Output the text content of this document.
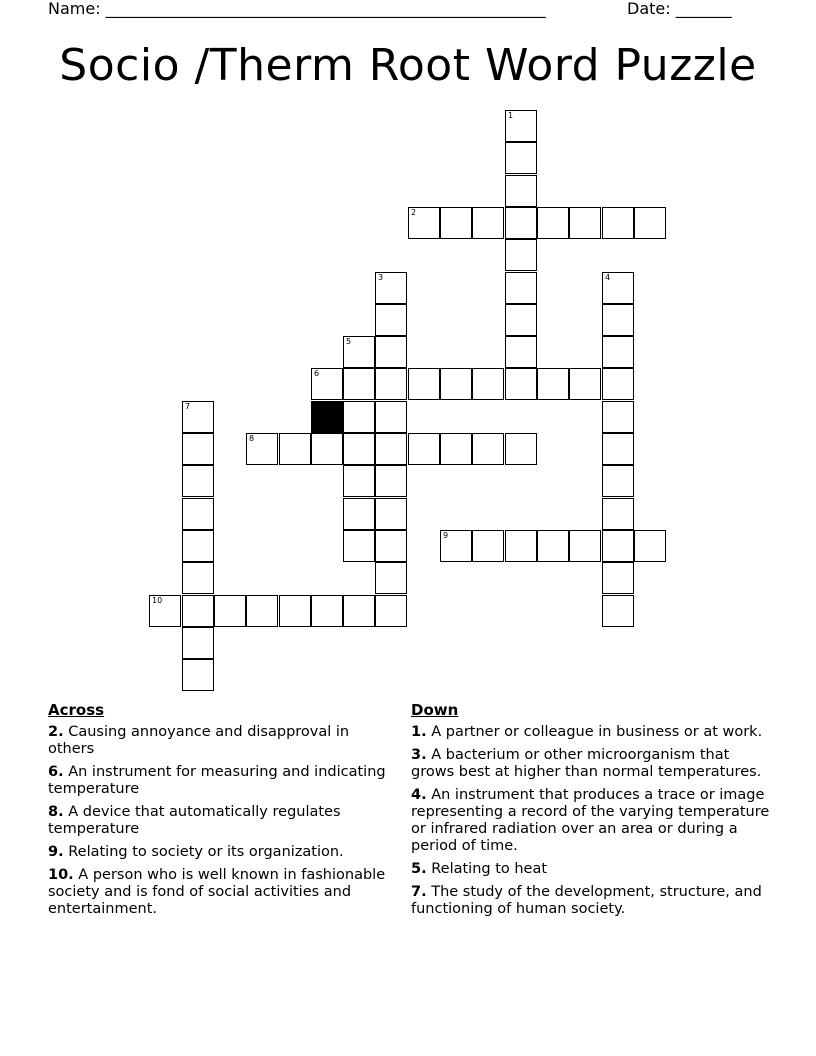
Name: _______________________________________________________	Date: _______
Socio /Therm Root Word Puzzle
1
2
3	4
5
6
7
8
9
10
Across
2. Causing annoyance and disapproval in others
6. An instrument for measuring and indicating temperature
8. A device that automatically regulates temperature
9. Relating to society or its organization.
10. A person who is well known in fashionable society and is fond of social activities and entertainment.
Down
1. A partner or colleague in business or at work.
3. A bacterium or other microorganism that grows best at higher than normal temperatures.
4. An instrument that produces a trace or image representing a record of the varying temperature or infrared radiation over an area or during a period of time.
5. Relating to heat
7. The study of the development, structure, and functioning of human society.
